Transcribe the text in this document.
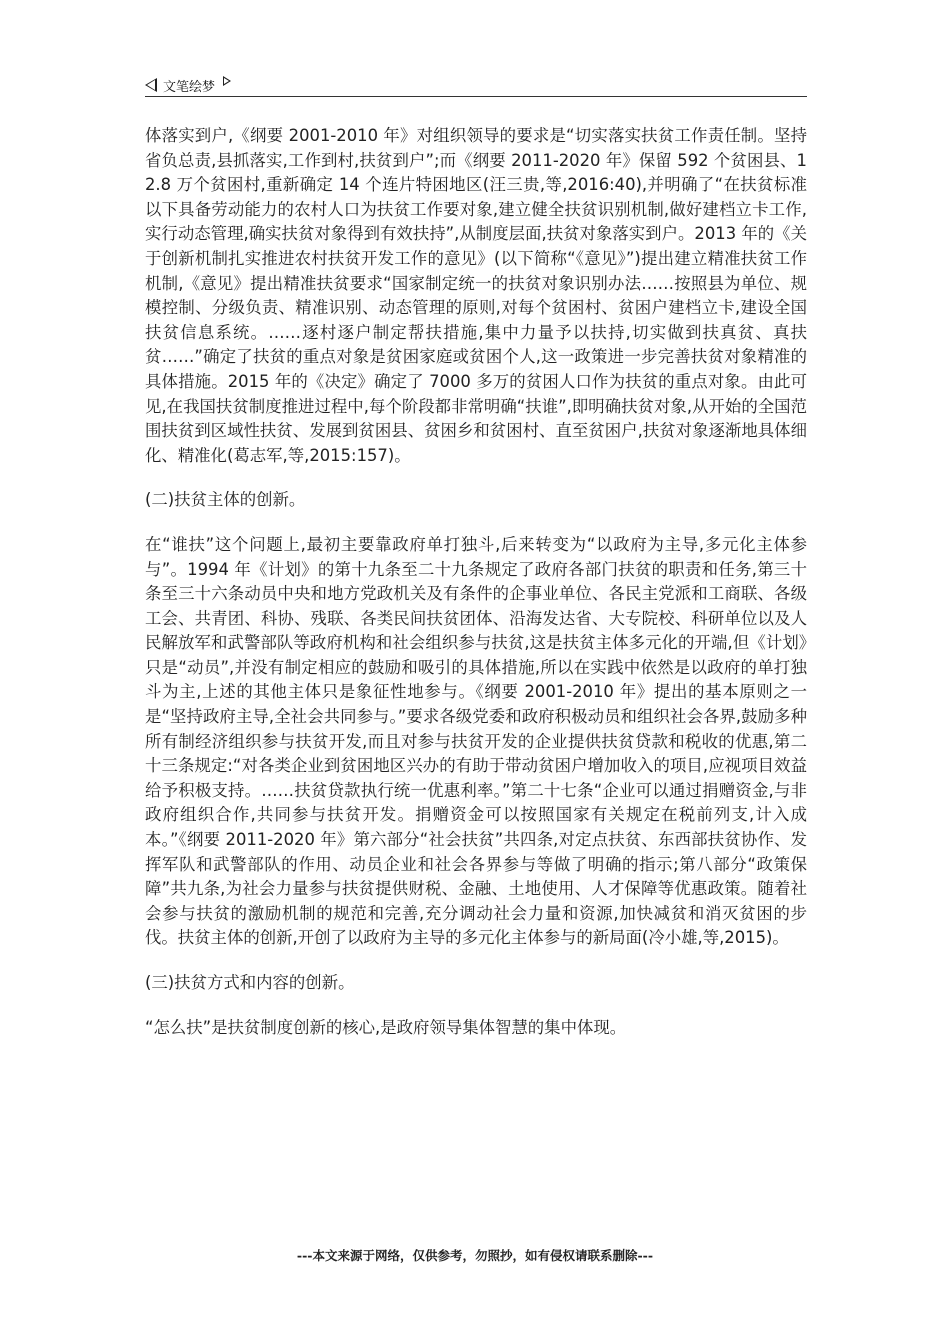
文笔绘梦

体落实到户,《纲要 2001-2010 年》对组织领导的要求是“切实落实扶贫工作责任制。坚持省负总责,县抓落实,工作到村,扶贫到户”;而《纲要 2011-2020 年》保留 592 个贫困县、12.8 万个贫困村,重新确定 14 个连片特困地区(汪三贵,等,2016:40),并明确了“在扶贫标准以下具备劳动能力的农村人口为扶贫工作要对象,建立健全扶贫识别机制,做好建档立卡工作,实行动态管理,确实扶贫对象得到有效扶持”,从制度层面,扶贫对象落实到户。2013 年的《关于创新机制扎实推进农村扶贫开发工作的意见》(以下简称“《意见》”)提出建立精准扶贫工作机制,《意见》提出精准扶贫要求“国家制定统一的扶贫对象识别办法……按照县为单位、规模控制、分级负责、精准识别、动态管理的原则,对每个贫困村、贫困户建档立卡,建设全国扶贫信息系统。……逐村逐户制定帮扶措施,集中力量予以扶持,切实做到扶真贫、真扶贫……”确定了扶贫的重点对象是贫困家庭或贫困个人,这一政策进一步完善扶贫对象精准的具体措施。2015 年的《决定》确定了 7000 多万的贫困人口作为扶贫的重点对象。由此可见,在我国扶贫制度推进过程中,每个阶段都非常明确“扶谁”,即明确扶贫对象,从开始的全国范围扶贫到区域性扶贫、发展到贫困县、贫困乡和贫困村、直至贫困户,扶贫对象逐渐地具体细化、精准化(葛志军,等,2015:157)。

(二)扶贫主体的创新。

在“谁扶”这个问题上,最初主要靠政府单打独斗,后来转变为“以政府为主导,多元化主体参与”。1994 年《计划》的第十九条至二十九条规定了政府各部门扶贫的职责和任务,第三十条至三十六条动员中央和地方党政机关及有条件的企事业单位、各民主党派和工商联、各级工会、共青团、科协、残联、各类民间扶贫团体、沿海发达省、大专院校、科研单位以及人民解放军和武警部队等政府机构和社会组织参与扶贫,这是扶贫主体多元化的开端,但《计划》只是“动员”,并没有制定相应的鼓励和吸引的具体措施,所以在实践中依然是以政府的单打独斗为主,上述的其他主体只是象征性地参与。《纲要 2001-2010 年》提出的基本原则之一是“坚持政府主导,全社会共同参与。”要求各级党委和政府积极动员和组织社会各界,鼓励多种所有制经济组织参与扶贫开发,而且对参与扶贫开发的企业提供扶贫贷款和税收的优惠,第二十三条规定:“对各类企业到贫困地区兴办的有助于带动贫困户增加收入的项目,应视项目效益给予积极支持。……扶贫贷款执行统一优惠利率。”第二十七条“企业可以通过捐赠资金,与非政府组织合作,共同参与扶贫开发。捐赠资金可以按照国家有关规定在税前列支,计入成本。”《纲要 2011-2020 年》第六部分“社会扶贫”共四条,对定点扶贫、东西部扶贫协作、发挥军队和武警部队的作用、动员企业和社会各界参与等做了明确的指示;第八部分“政策保障”共九条,为社会力量参与扶贫提供财税、金融、土地使用、人才保障等优惠政策。随着社会参与扶贫的激励机制的规范和完善,充分调动社会力量和资源,加快减贫和消灭贫困的步伐。扶贫主体的创新,开创了以政府为主导的多元化主体参与的新局面(冷小雄,等,2015)。

(三)扶贫方式和内容的创新。

“怎么扶”是扶贫制度创新的核心,是政府领导集体智慧的集中体现。

---本文来源于网络，仅供参考，勿照抄，如有侵权请联系删除---
